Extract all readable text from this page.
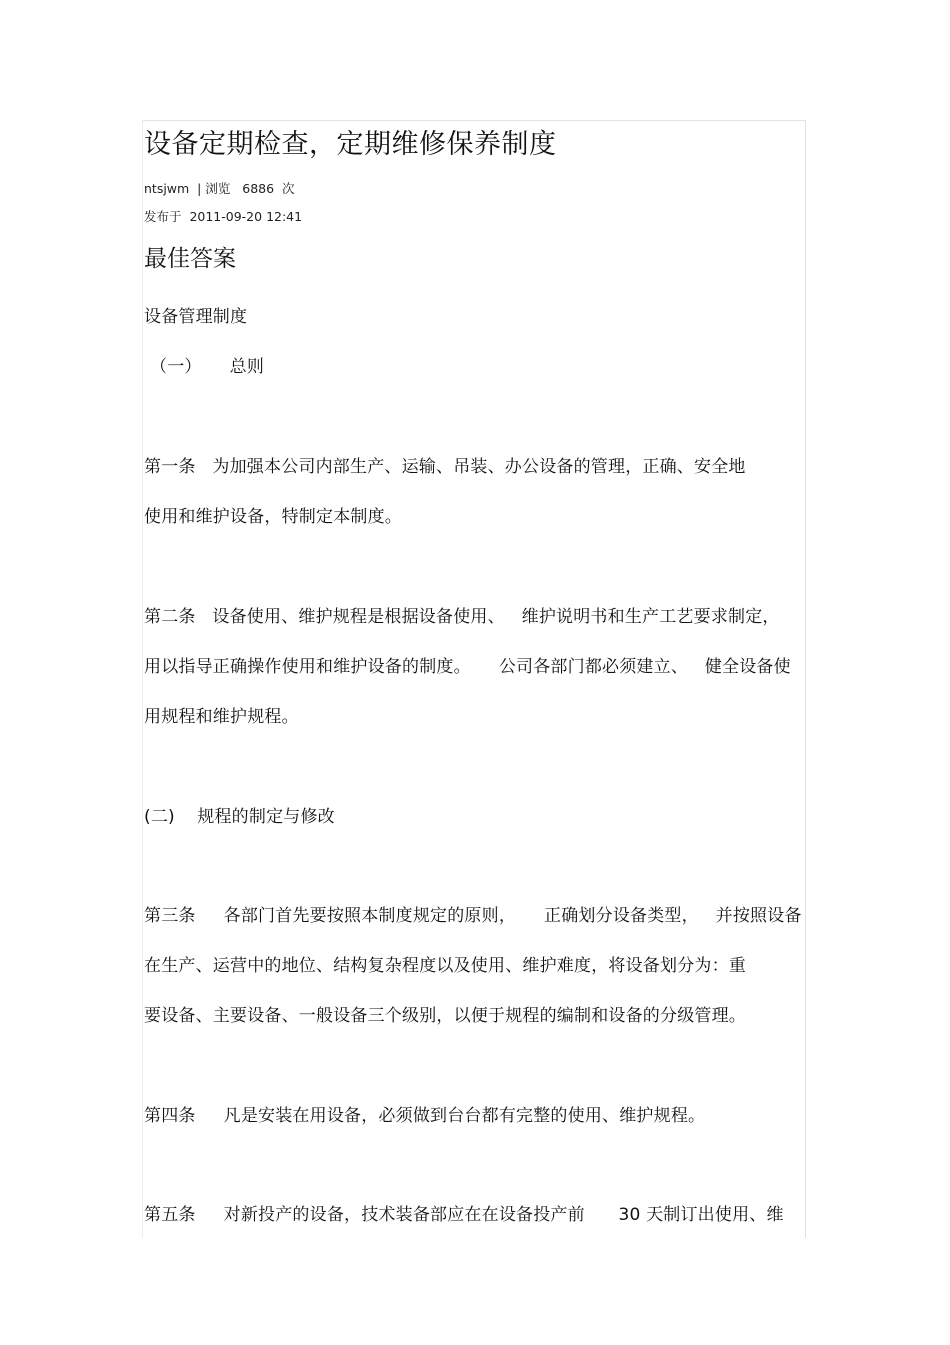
设备定期检查，定期维修保养制度
ntsjwm  | 浏览   6886  次
发布于  2011-09-20 12:41
最佳答案
设备管理制度
（一）     总则
第一条   为加强本公司内部生产、运输、吊装、办公设备的管理，正确、安全地
使用和维护设备，特制定本制度。
第二条   设备使用、维护规程是根据设备使用、   维护说明书和生产工艺要求制定，
用以指导正确操作使用和维护设备的制度。     公司各部门都必须建立、   健全设备使
用规程和维护规程。
(二)    规程的制定与修改
第三条     各部门首先要按照本制度规定的原则，     正确划分设备类型，   并按照设备
在生产、运营中的地位、结构复杂程度以及使用、维护难度，将设备划分为：重
要设备、主要设备、一般设备三个级别，以便于规程的编制和设备的分级管理。
第四条     凡是安装在用设备，必须做到台台都有完整的使用、维护规程。
第五条     对新投产的设备，技术装备部应在在设备投产前      30 天制订出使用、维
